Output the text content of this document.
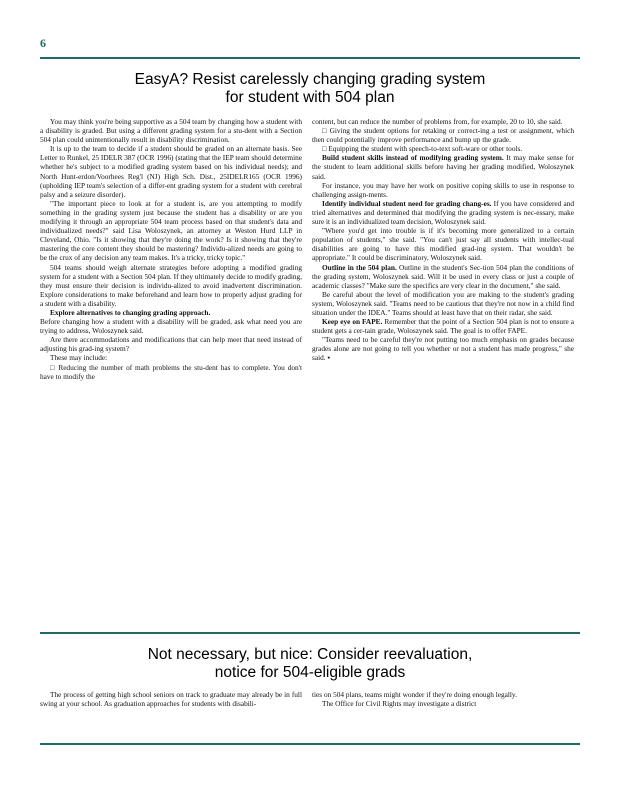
6
EasyA? Resist carelessly changing grading system
for student with 504 plan

You may think you're being supportive as a 504 team by changing how a student with a disability is graded. But using a different grading system for a stu-dent with a Section 504 plan could unintentionally result in disability discrimination.

It is up to the team to decide if a student should be graded on an alternate basis. See Letter to Runkel, 25 IDELR 387 (OCR 1996) (stating that the IEP team should determine whether he's subject to a modified grading system based on his individual needs); and North Hunt-erdon/Voorhees Reg'l (NJ) High Sch. Dist., 25IDELR165 (OCR 1996) (upholding IEP team's selection of a differ-ent grading system for a student with cerebral palsy and a seizure disorder).

"The important piece to look at for a student is, are you attempting to modify something in the grading system just because the student has a disability or are you modifying it through an appropriate 504 team process based on that student's data and individualized needs?" said Lisa Woloszynek, an attorney at Weston Hurd LLP in Cleveland, Ohio. "Is it showing that they're doing the work? Is it showing that they're mastering the core content they should be mastering? Individu-alized needs are going to be the crux of any decision any team makes. It's a tricky, tricky topic."

504 teams should weigh alternate strategies before adopting a modified grading system for a student with a Section 504 plan. If they ultimately decide to modify grading, they must ensure their decision is individu-alized to avoid inadvertent discrimination. Explore considerations to make beforehand and learn how to properly adjust grading for a student with a disability.

Explore alternatives to changing grading approach.

Before changing how a student with a disability will be graded, ask what need you are trying to address, Woloszynek said.

Are there accommodations and modifications that can help meet that need instead of adjusting his grad-ing system?

These may include:

□ Reducing the number of math problems the stu-dent has to complete. You don't have to modify the

content, but can reduce the number of problems from, for example, 20 to 10, she said.

□ Giving the student options for retaking or correct-ing a test or assignment, which then could potentially improve performance and bump up the grade.

□ Equipping the student with speech-to-text soft-ware or other tools.

Build student skills instead of modifying grading system. It may make sense for the student to learn additional skills before having her grading modified, Woloszynek said.

For instance, you may have her work on positive coping skills to use in response to challenging assign-ments.

Identify individual student need for grading chang-es. If you have considered and tried alternatives and determined that modifying the grading system is nec-essary, make sure it is an individualized team decision, Woloszynek said.

"Where you'd get into trouble is if it's becoming more generalized to a certain population of students," she said. "You can't just say all students with intellec-tual disabilities are going to have this modified grad-ing system. That wouldn't be appropriate." It could be discriminatory, Woloszynek said.

Outline in the 504 plan. Outline in the student's Sec-tion 504 plan the conditions of the grading system, Woloszynek said. Will it be used in every class or just a couple of academic classes? "Make sure the specifics are very clear in the document," she said.

Be careful about the level of modification you are making to the student's grading system, Woloszynek said. "Teams need to be cautious that they're not now in a child find situation under the IDEA." Teams should at least have that on their radar, she said.

Keep eye on FAPE. Remember that the point of a Section 504 plan is not to ensure a student gets a cer-tain grade, Woloszynek said. The goal is to offer FAPE.

"Teams need to be careful they're not putting too much emphasis on grades because grades alone are not going to tell you whether or not a student has made progress," she said. ▪

Not necessary, but nice: Consider reevaluation,
notice for 504-eligible grads

The process of getting high school seniors on track to graduate may already be in full swing at your school. As graduation approaches for students with disabili-

ties on 504 plans, teams might wonder if they're doing enough legally.

The Office for Civil Rights may investigate a district
